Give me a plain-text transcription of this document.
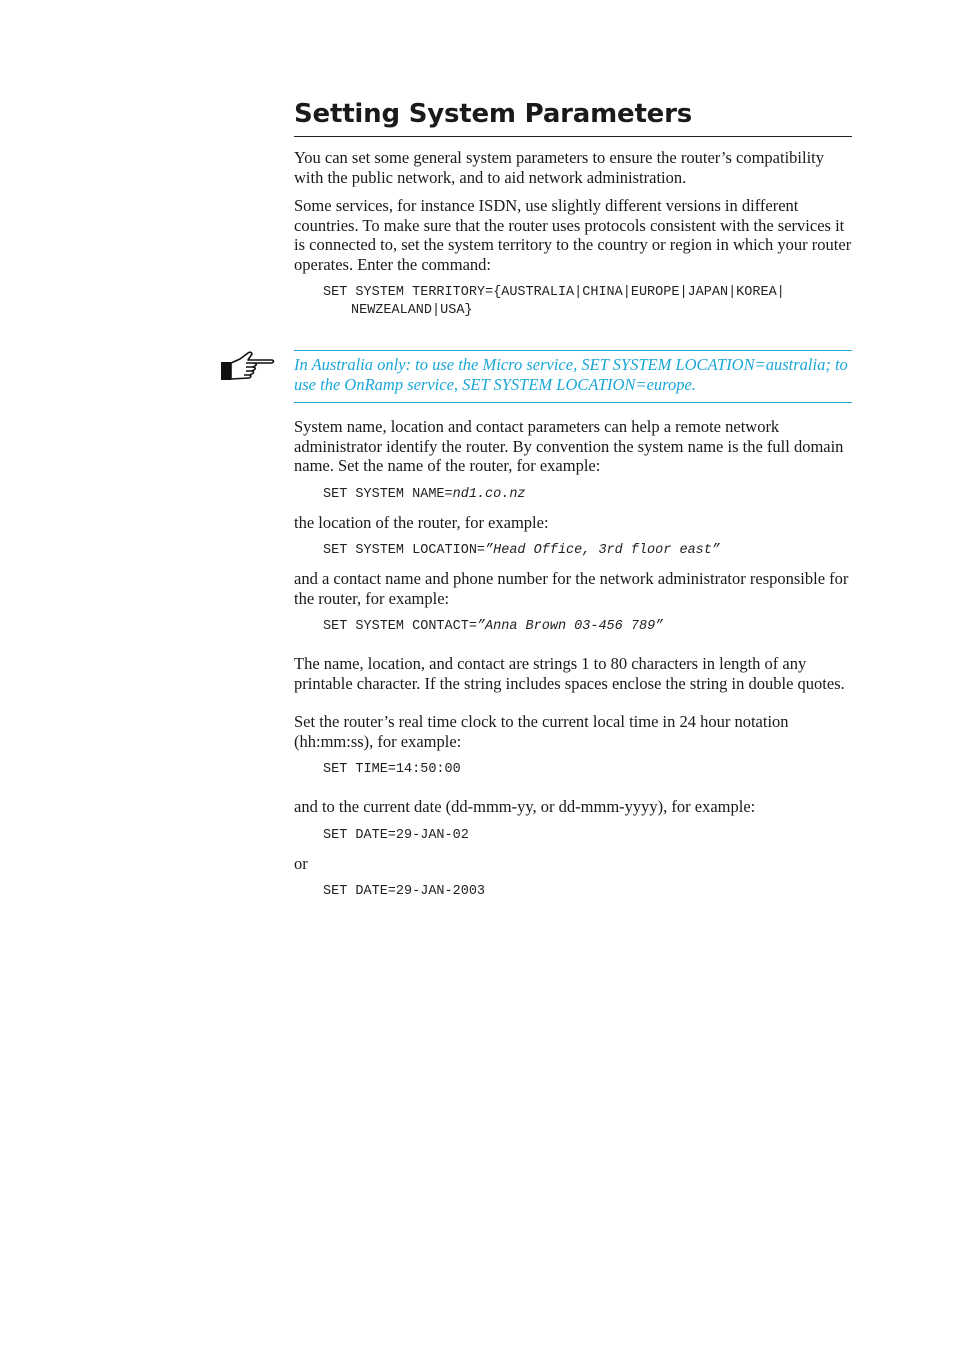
Setting System Parameters

You can set some general system parameters to ensure the router’s compatibility with the public network, and to aid network administration.

Some services, for instance ISDN, use slightly different versions in different countries. To make sure that the router uses protocols consistent with the services it is connected to, set the system territory to the country or region in which your router operates. Enter the command:

SET SYSTEM TERRITORY={AUSTRALIA|CHINA|EUROPE|JAPAN|KOREA|
NEWZEALAND|USA}

In Australia only: to use the Micro service, SET SYSTEM LOCATION=australia; to use the OnRamp service, SET SYSTEM LOCATION=europe.

System name, location and contact parameters can help a remote network administrator identify the router. By convention the system name is the full domain name. Set the name of the router, for example:

SET SYSTEM NAME=nd1.co.nz

the location of the router, for example:

SET SYSTEM LOCATION=”Head Office, 3rd floor east”

and a contact name and phone number for the network administrator responsible for the router, for example:

SET SYSTEM CONTACT=”Anna Brown 03-456 789”

The name, location, and contact are strings 1 to 80 characters in length of any printable character. If the string includes spaces enclose the string in double quotes.

Set the router’s real time clock to the current local time in 24 hour notation (hh:mm:ss), for example:

SET TIME=14:50:00

and to the current date (dd-mmm-yy, or dd-mmm-yyyy), for example:

SET DATE=29-JAN-02

or

SET DATE=29-JAN-2003
